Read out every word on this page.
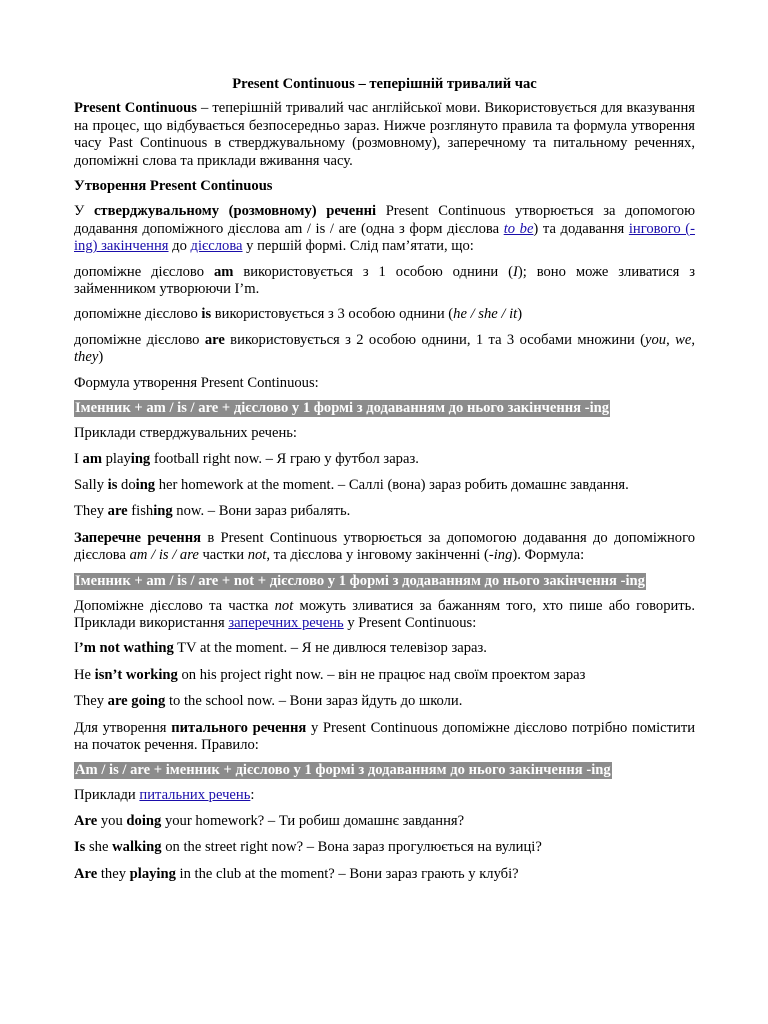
Present Continuous – теперішній тривалий час

Present Continuous – теперішній тривалий час англійської мови. Використовується для вказування на процес, що відбувається безпосередньо зараз. Нижче розглянуто правила та формула утворення часу Past Continuous в стверджувальному (розмовному), заперечному та питальному реченнях, допоміжні слова та приклади вживання часу.

Утворення Present Continuous

У стверджувальному (розмовному) реченні Present Continuous утворюється за допомогою додавання допоміжного дієслова am / is / are (одна з форм дієслова to be) та додавання інгового (-ing) закінчення до дієслова у першій формі. Слід пам’ятати, що:

допоміжне дієслово am використовується з 1 особою однини (I); воно може зливатися з займенником утворюючи I’m.

допоміжне дієслово is використовується з 3 особою однини (he / she / it)

допоміжне дієслово are використовується з 2 особою однини, 1 та 3 особами множини (you, we, they)

Формула утворення Present Continuous:

Іменник + am / is / are + дієслово у 1 формі з додаванням до нього закінчення -ing

Приклади стверджувальних речень:

I am playing football right now. – Я граю у футбол зараз.

Sally is doing her homework at the moment. – Саллі (вона) зараз робить домашнє завдання.

They are fishing now. – Вони зараз рибалять.

Заперечне речення в Present Continuous утворюється за допомогою додавання до допоміжного дієслова am / is / are частки not, та дієслова у інговому закінченні (-ing). Формула:

Іменник + am / is / are + not + дієслово у 1 формі з додаванням до нього закінчення -ing

Допоміжне дієслово та частка not можуть зливатися за бажанням того, хто пише або говорить. Приклади використання заперечних речень у Present Continuous:

I’m not wathing TV at the moment. – Я не дивлюся телевізор зараз.

He isn’t working on his project right now. – він не працює над своїм проектом зараз

They are going to the school now. – Вони зараз йдуть до школи.

Для утворення питального речення у Present Continuous допоміжне дієслово потрібно помістити на початок речення. Правило:

Am / is / are + іменник + дієслово у 1 формі з додаванням до нього закінчення -ing

Приклади питальних речень:

Are you doing your homework? – Ти робиш домашнє завдання?

Is she walking on the street right now? – Вона зараз прогулюється на вулиці?

Are they playing in the club at the moment? – Вони зараз грають у клубі?
